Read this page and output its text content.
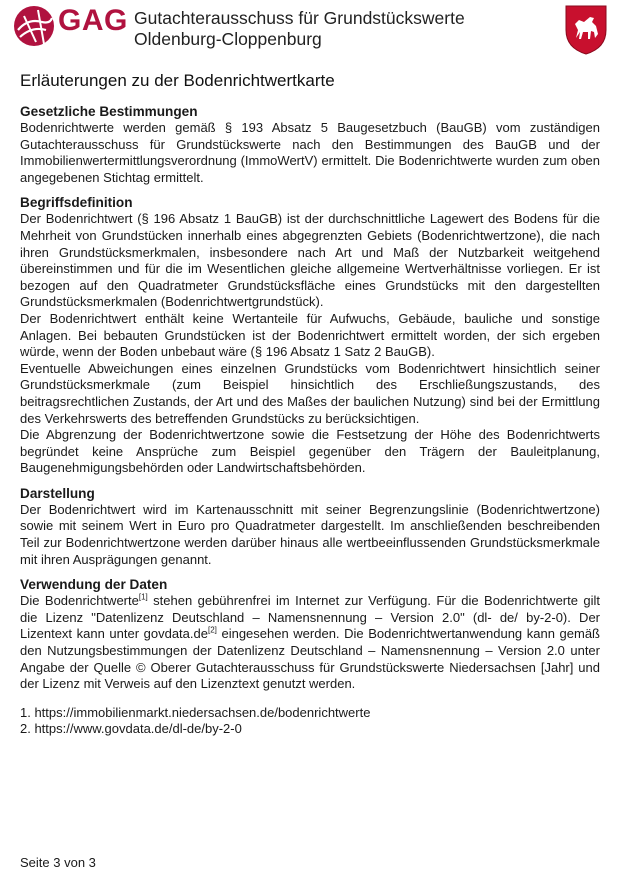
GAG Gutachterausschuss für Grundstückswerte
Oldenburg-Cloppenburg
Erläuterungen zu der Bodenrichtwertkarte
Gesetzliche Bestimmungen

Bodenrichtwerte werden gemäß § 193 Absatz 5 Baugesetzbuch (BauGB) vom zuständigen Gutachterausschuss für Grundstückswerte nach den Bestimmungen des BauGB und der Immobilienwertermittlungsverordnung (ImmoWertV) ermittelt. Die Bodenrichtwerte wurden zum oben angegebenen Stichtag ermittelt.

Begriffsdefinition

Der Bodenrichtwert (§ 196 Absatz 1 BauGB) ist der durchschnittliche Lagewert des Bodens für die Mehrheit von Grundstücken innerhalb eines abgegrenzten Gebiets (Bodenrichtwertzone), die nach ihren Grundstücksmerkmalen, insbesondere nach Art und Maß der Nutzbarkeit weitgehend übereinstimmen und für die im Wesentlichen gleiche allgemeine Wertverhältnisse vorliegen. Er ist bezogen auf den Quadratmeter Grundstücksfläche eines Grundstücks mit den dargestellten Grundstücksmerkmalen (Bodenrichtwertgrundstück).

Der Bodenrichtwert enthält keine Wertanteile für Aufwuchs, Gebäude, bauliche und sonstige Anlagen. Bei bebauten Grundstücken ist der Bodenrichtwert ermittelt worden, der sich ergeben würde, wenn der Boden unbebaut wäre (§ 196 Absatz 1 Satz 2 BauGB).

Eventuelle Abweichungen eines einzelnen Grundstücks vom Bodenrichtwert hinsichtlich seiner Grundstücksmerkmale (zum Beispiel hinsichtlich des Erschließungszustands, des beitragsrechtlichen Zustands, der Art und des Maßes der baulichen Nutzung) sind bei der Ermittlung des Verkehrswerts des betreffenden Grundstücks zu berücksichtigen.

Die Abgrenzung der Bodenrichtwertzone sowie die Festsetzung der Höhe des Bodenrichtwerts begründet keine Ansprüche zum Beispiel gegenüber den Trägern der Bauleitplanung, Baugenehmigungsbehörden oder Landwirtschaftsbehörden.

Darstellung

Der Bodenrichtwert wird im Kartenausschnitt mit seiner Begrenzungslinie (Bodenrichtwertzone) sowie mit seinem Wert in Euro pro Quadratmeter dargestellt. Im anschließenden beschreibenden Teil zur Bodenrichtwertzone werden darüber hinaus alle wertbeeinflussenden Grundstücksmerkmale mit ihren Ausprägungen genannt.

Verwendung der Daten

Die Bodenrichtwerte[1] stehen gebührenfrei im Internet zur Verfügung. Für die Bodenrichtwerte gilt die Lizenz "Datenlizenz Deutschland – Namensnennung – Version 2.0" (dl- de/ by-2-0). Der Lizentext kann unter govdata.de[2] eingesehen werden. Die Bodenrichtwertanwendung kann gemäß den Nutzungsbestimmungen der Datenlizenz Deutschland – Namensnennung – Version 2.0 unter Angabe der Quelle © Oberer Gutachterausschuss für Grundstückswerte Niedersachsen [Jahr] und der Lizenz mit Verweis auf den Lizenztext genutzt werden.

1. https://immobilienmarkt.niedersachsen.de/bodenrichtwerte
2. https://www.govdata.de/dl-de/by-2-0
Seite 3 von 3
